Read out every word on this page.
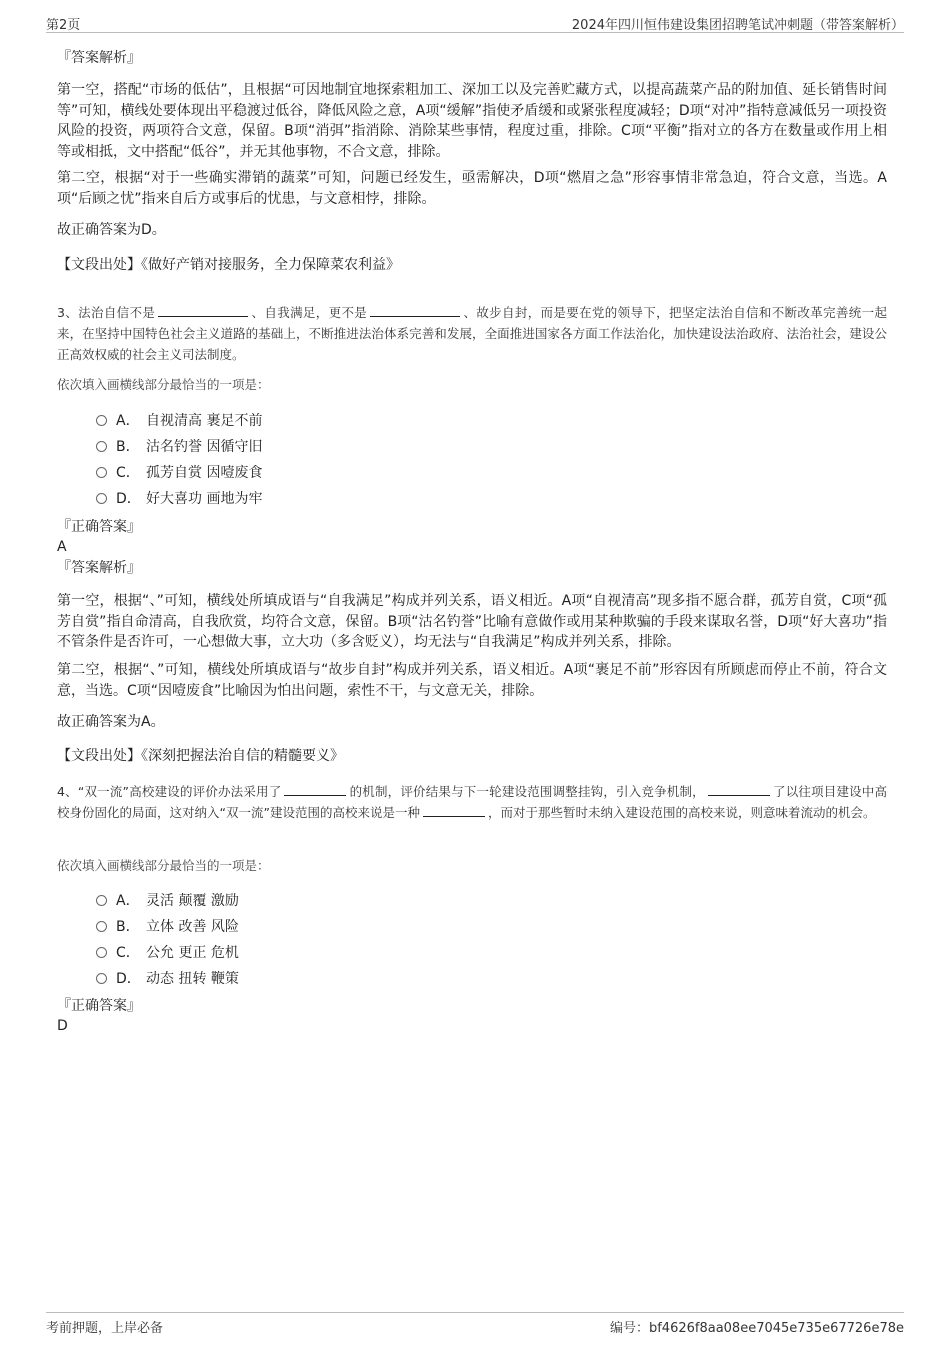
第2页	2024年四川恒伟建设集团招聘笔试冲刺题（带答案解析）

『答案解析』

第一空，搭配“市场的低估”，且根据“可因地制宜地探索粗加工、深加工以及完善贮藏方式，以提高蔬菜产品的附加值、延长销售时间等”可知，横线处要体现出平稳渡过低谷，降低风险之意，A项“缓解”指使矛盾缓和或紧张程度减轻；D项“对冲”指特意减低另一项投资风险的投资，两项符合文意，保留。B项“消弭”指消除、消除某些事情，程度过重，排除。C项“平衡”指对立的各方在数量或作用上相等或相抵，文中搭配“低谷”，并无其他事物，不合文意，排除。

第二空，根据“对于一些确实滞销的蔬菜”可知，问题已经发生，亟需解决，D项“燃眉之急”形容事情非常急迫，符合文意，当选。A项“后顾之忧”指来自后方或事后的忧患，与文意相悖，排除。

故正确答案为D。

【文段出处】《做好产销对接服务，全力保障菜农利益》

3、法治自信不是	、自我满足，更不是	、故步自封，而是要在党的领导下，把坚定法治自信和不断改革完善统一起来，在坚持中国特色社会主义道路的基础上，不断推进法治体系完善和发展，全面推进国家各方面工作法治化，加快建设法治政府、法治社会，建设公正高效权威的社会主义司法制度。

依次填入画横线部分最恰当的一项是：

A． 自视清高 裹足不前
B． 沽名钓誉 因循守旧
C． 孤芳自赏 因噎废食
D． 好大喜功 画地为牢

『正确答案』

A

『答案解析』

第一空，根据“、”可知，横线处所填成语与“自我满足”构成并列关系，语义相近。A项“自视清高”现多指不愿合群，孤芳自赏，C项“孤芳自赏”指自命清高，自我欣赏，均符合文意，保留。B项“沽名钓誉”比喻有意做作或用某种欺骗的手段来谋取名誉，D项“好大喜功”指不管条件是否许可，一心想做大事，立大功（多含贬义），均无法与“自我满足”构成并列关系，排除。

第二空，根据“、”可知，横线处所填成语与“故步自封”构成并列关系，语义相近。A项“裹足不前”形容因有所顾虑而停止不前，符合文意，当选。C项“因噎废食”比喻因为怕出问题，索性不干，与文意无关，排除。

故正确答案为A。

【文段出处】《深刻把握法治自信的精髓要义》

4、“双一流”高校建设的评价办法采用了	的机制，评价结果与下一轮建设范围调整挂钩，引入竞争机制，	了以往项目建设中高校身份固化的局面，这对纳入“双一流”建设范围的高校来说是一种	，而对于那些暂时未纳入建设范围的高校来说，则意味着流动的机会。

依次填入画横线部分最恰当的一项是：

A． 灵活 颠覆 激励
B． 立体 改善 风险
C． 公允 更正 危机
D． 动态 扭转 鞭策

『正确答案』

D

考前押题，上岸必备	编号：bf4626f8aa08ee7045e735e67726e78e
